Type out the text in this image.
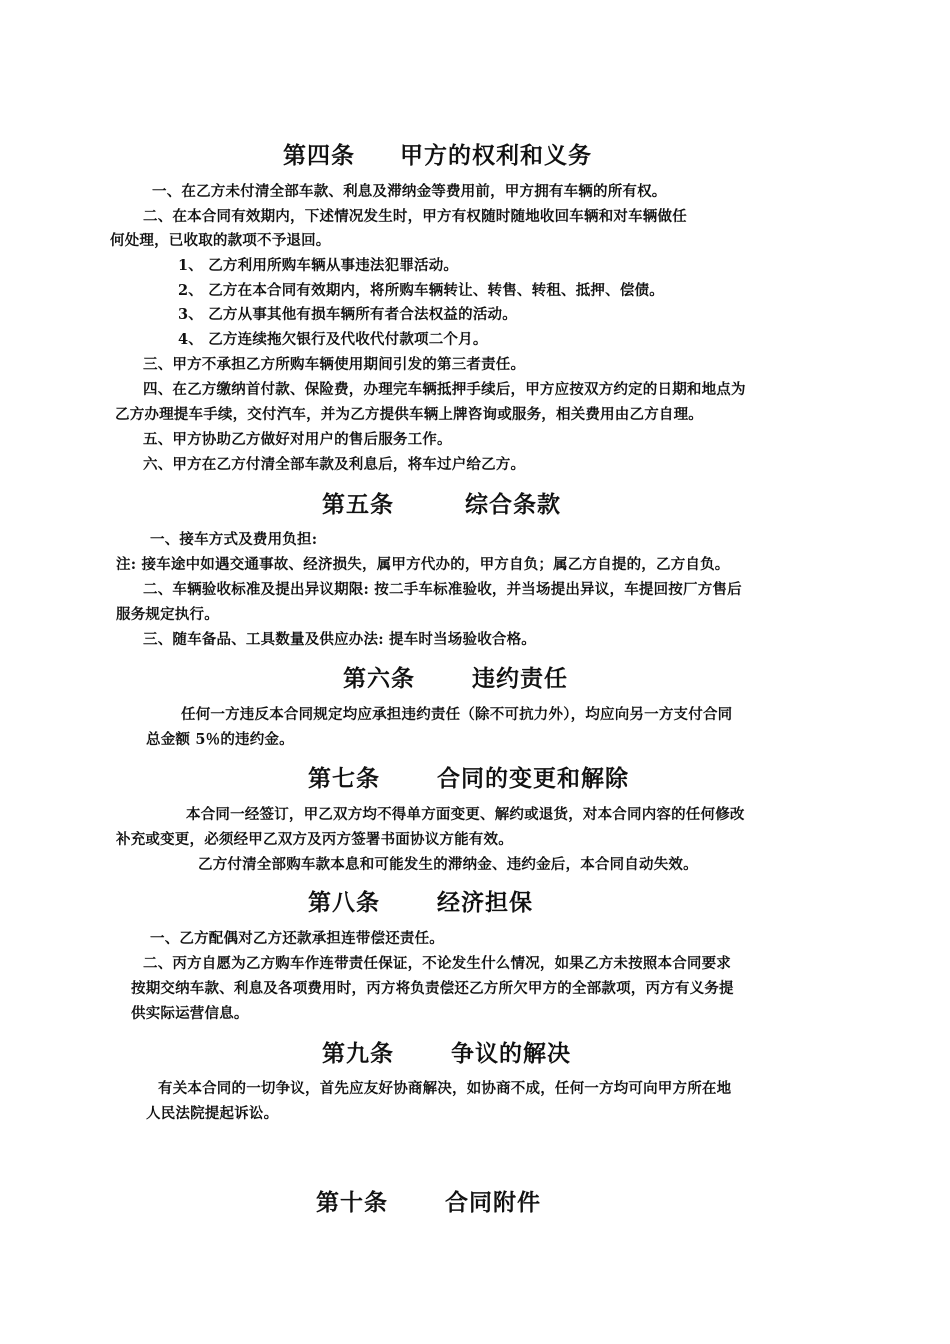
第四条 甲方的权利和义务
一、在乙方未付清全部车款、利息及滞纳金等费用前，甲方拥有车辆的所有权。
二、在本合同有效期内，下述情况发生时，甲方有权随时随地收回车辆和对车辆做任
何处理，已收取的款项不予退回。
1、 乙方利用所购车辆从事违法犯罪活动。
2、 乙方在本合同有效期内，将所购车辆转让、转售、转租、抵押、偿债。
3、 乙方从事其他有损车辆所有者合法权益的活动。
4、 乙方连续拖欠银行及代收代付款项二个月。
三、甲方不承担乙方所购车辆使用期间引发的第三者责任。
四、在乙方缴纳首付款、保险费，办理完车辆抵押手续后，甲方应按双方约定的日期和地点为
乙方办理提车手续，交付汽车，并为乙方提供车辆上牌咨询或服务，相关费用由乙方自理。
五、甲方协助乙方做好对用户的售后服务工作。
六、甲方在乙方付清全部车款及利息后，将车过户给乙方。
第五条	综合条款
一、接车方式及费用负担:
注: 接车途中如遇交通事故、经济损失，属甲方代办的，甲方自负；属乙方自提的，乙方自负。
二、车辆验收标准及提出异议期限: 按二手车标准验收，并当场提出异议，车提回按厂方售后
服务规定执行。
三、随车备品、工具数量及供应办法: 提车时当场验收合格。
第六条 违约责任
任何一方违反本合同规定均应承担违约责任（除不可抗力外），均应向另一方支付合同
总金额 5％的违约金。
第七条 合同的变更和解除
本合同一经签订，甲乙双方均不得单方面变更、解约或退货，对本合同内容的任何修改
补充或变更，必须经甲乙双方及丙方签署书面协议方能有效。
乙方付清全部购车款本息和可能发生的滞纳金、违约金后，本合同自动失效。
第八条 经济担保
一、乙方配偶对乙方还款承担连带偿还责任。
二、丙方自愿为乙方购车作连带责任保证，不论发生什么情况，如果乙方未按照本合同要求
按期交纳车款、利息及各项费用时，丙方将负责偿还乙方所欠甲方的全部款项，丙方有义务提
供实际运营信息。
第九条 争议的解决
有关本合同的一切争议，首先应友好协商解决，如协商不成，任何一方均可向甲方所在地
人民法院提起诉讼。
第十条 合同附件
